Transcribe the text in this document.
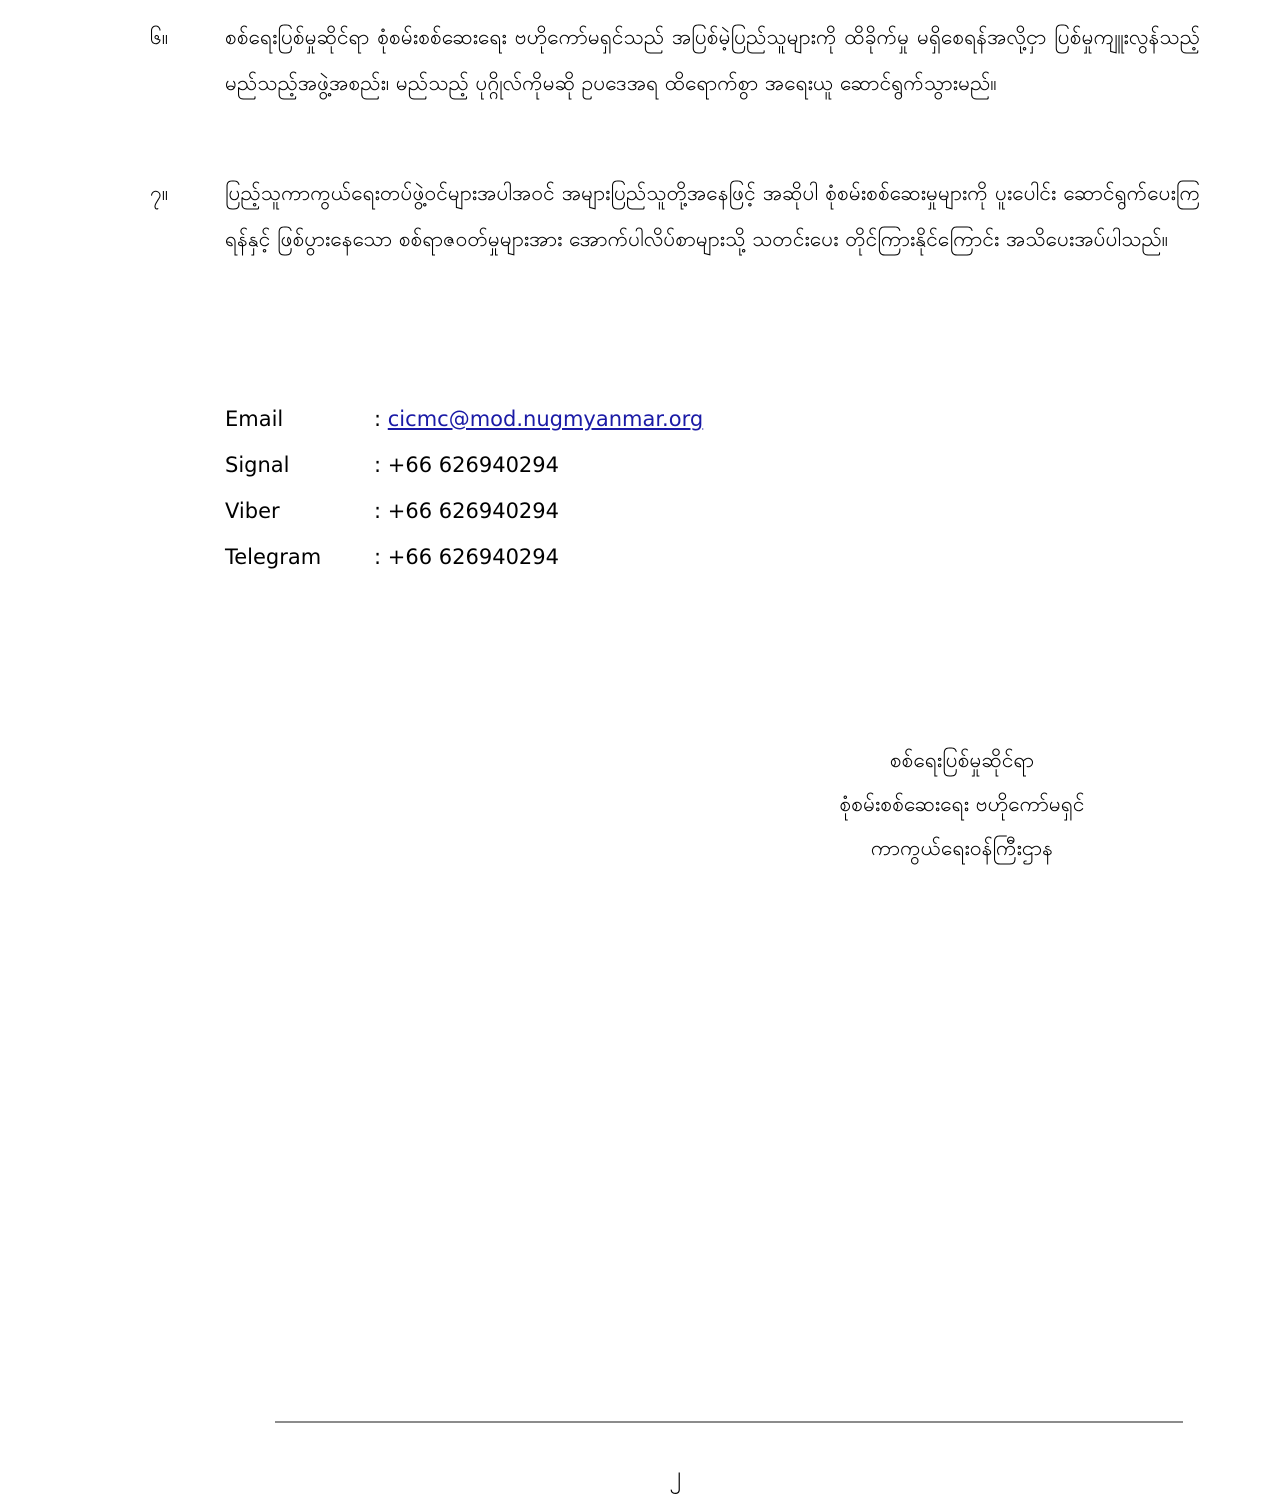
၆။	စစ်ရေးပြစ်မှုဆိုင်ရာ စုံစမ်းစစ်ဆေးရေး ဗဟိုကော်မရှင်သည် အပြစ်မဲ့ပြည်သူများကို ထိခိုက်မှု မရှိစေရန်အလို့ငှာ ပြစ်မှုကျူးလွန်သည့် မည်သည့်အဖွဲ့အစည်း၊ မည်သည့် ပုဂ္ဂိုလ်ကိုမဆို ဥပဒေအရ ထိရောက်စွာ အရေးယူ ဆောင်ရွက်သွားမည်။
၇။	ပြည့်သူကာကွယ်ရေးတပ်ဖွဲ့ဝင်များအပါအဝင် အများပြည်သူတို့အနေဖြင့် အဆိုပါ စုံစမ်းစစ်ဆေးမှုများကို ပူးပေါင်း ဆောင်ရွက်ပေးကြရန်နှင့် ဖြစ်ပွားနေသော စစ်ရာဇဝတ်မှုများအား အောက်ပါလိပ်စာများသို့ သတင်းပေး တိုင်ကြားနိုင်ကြောင်း အသိပေးအပ်ပါသည်။
Email	: cicmc@mod.nugmyanmar.org
Signal	: +66 626940294
Viber	: +66 626940294
Telegram	: +66 626940294
စစ်ရေးပြစ်မှုဆိုင်ရာ
စုံစမ်းစစ်ဆေးရေး ဗဟိုကော်မရှင်
ကာကွယ်ရေးဝန်ကြီးဌာန
၂
